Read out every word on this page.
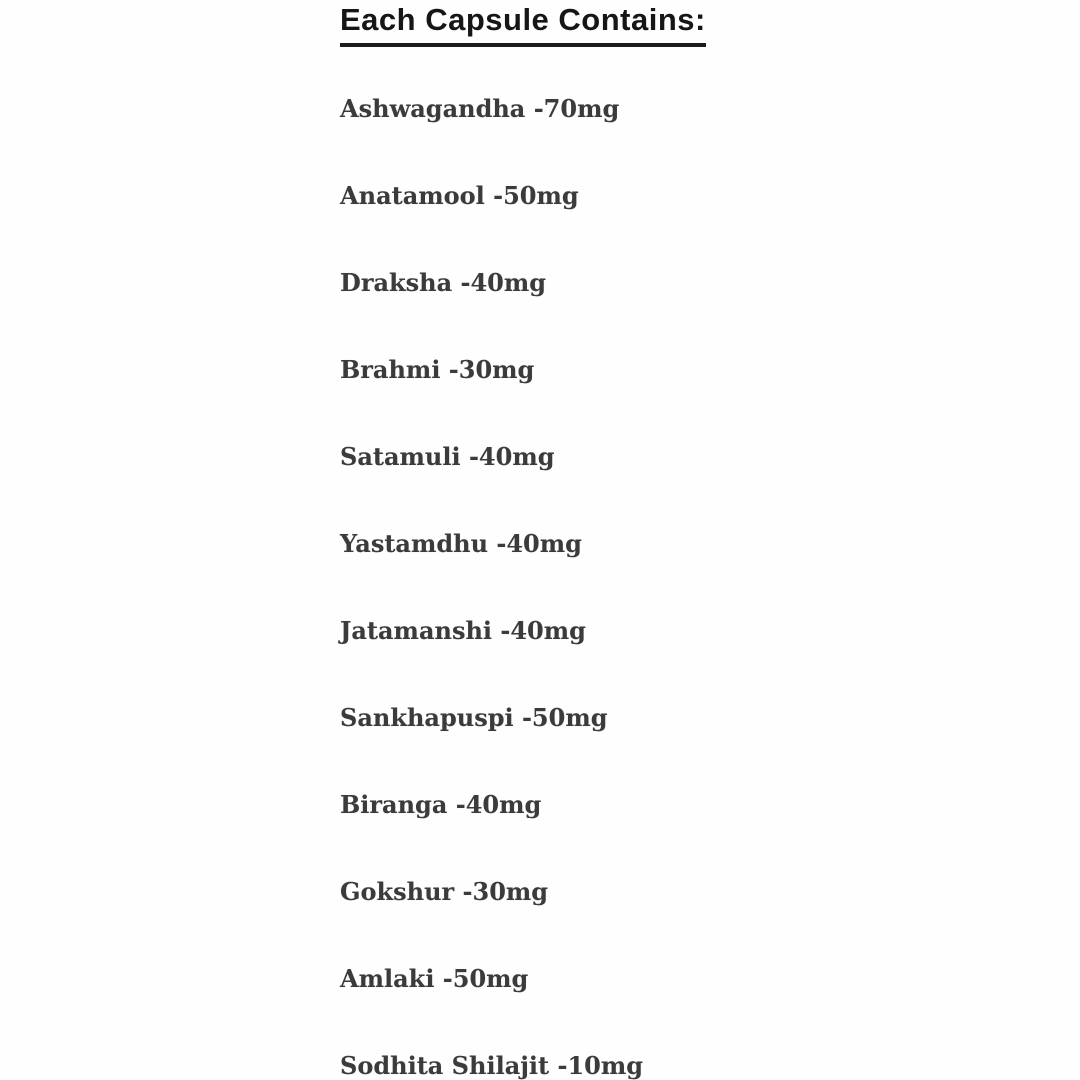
Each Capsule Contains:
Ashwagandha -70mg
Anatamool -50mg
Draksha -40mg
Brahmi -30mg
Satamuli -40mg
Yastamdhu -40mg
Jatamanshi -40mg
Sankhapuspi -50mg
Biranga -40mg
Gokshur -30mg
Amlaki -50mg
Sodhita Shilajit -10mg
